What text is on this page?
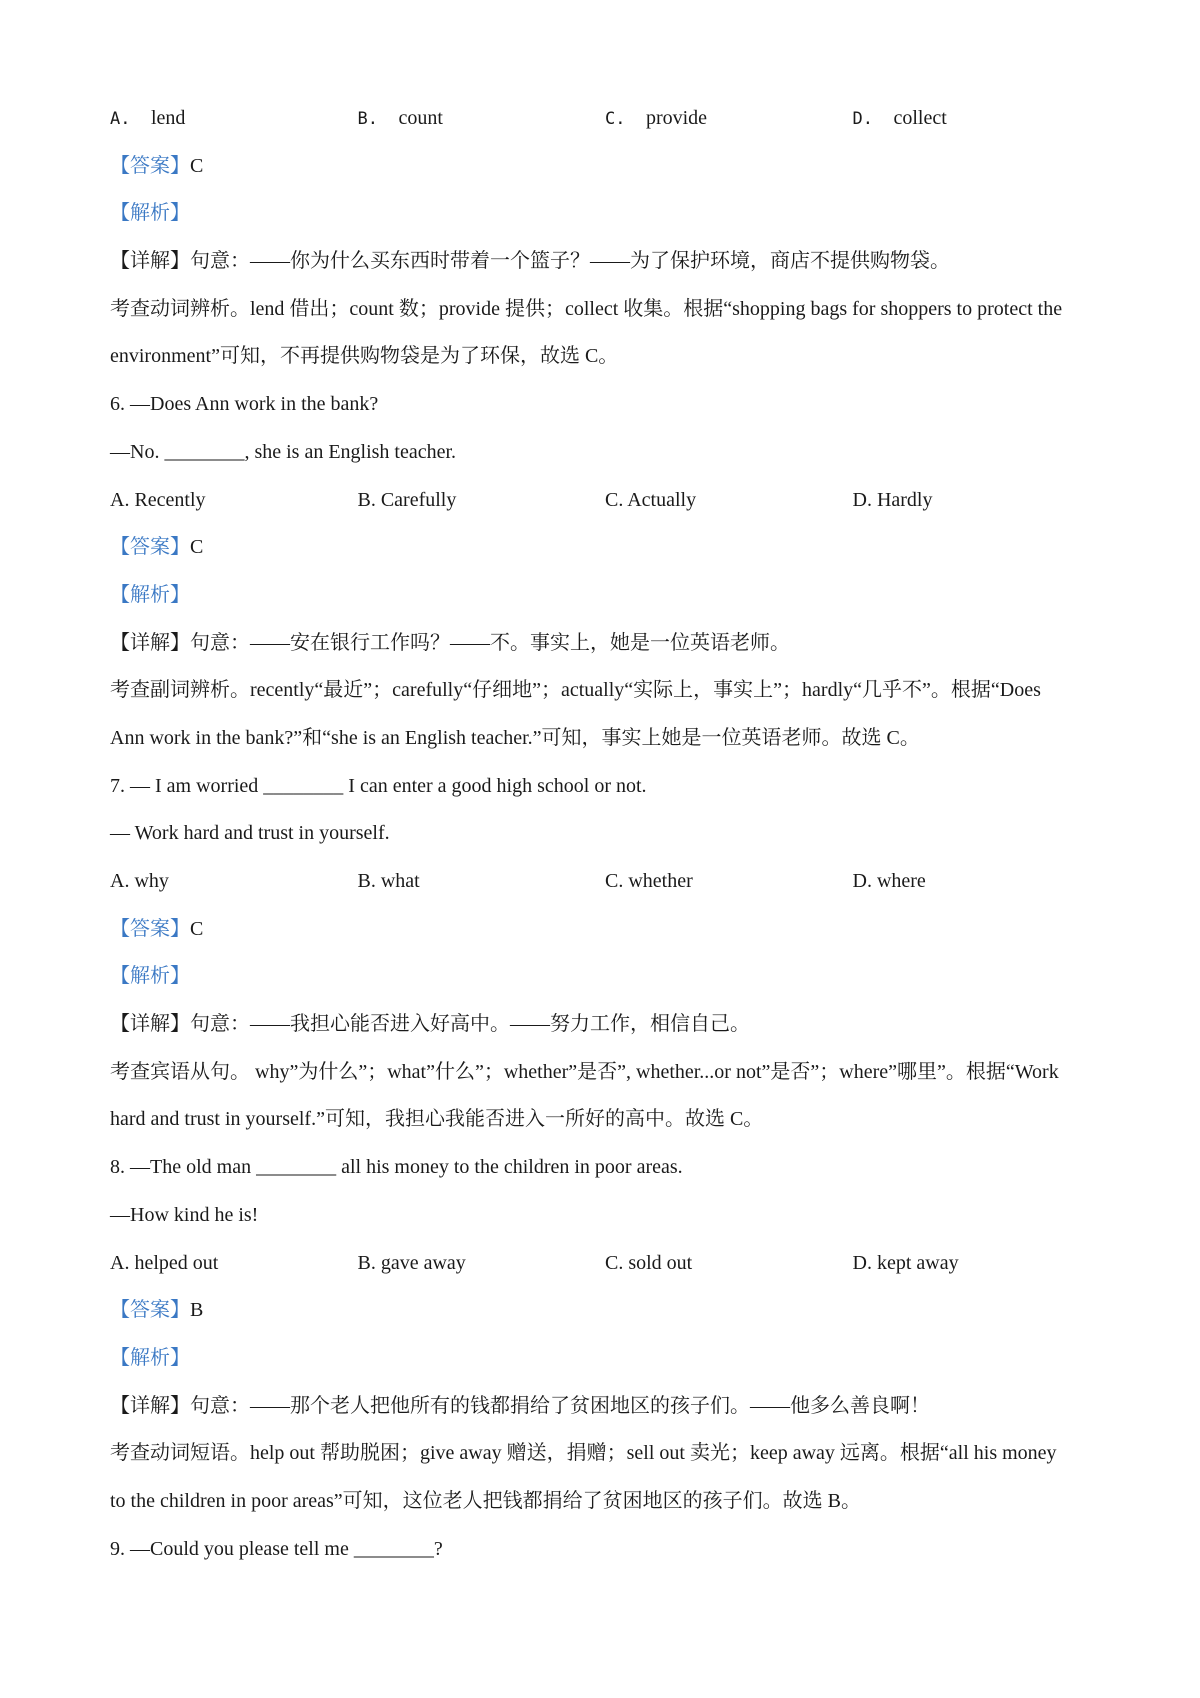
A. lend	B. count	C. provide	D. collect
【答案】C
【解析】
【详解】句意：——你为什么买东西时带着一个篮子？——为了保护环境，商店不提供购物袋。
考查动词辨析。lend 借出；count 数；provide 提供；collect 收集。根据“shopping bags for shoppers to protect the
environment”可知，不再提供购物袋是为了环保，故选 C。
6. —Does Ann work in the bank?
—No. ________, she is an English teacher.
A. Recently	B. Carefully	C. Actually	D. Hardly
【答案】C
【解析】
【详解】句意：——安在银行工作吗？——不。事实上，她是一位英语老师。
考查副词辨析。recently“最近”；carefully“仔细地”；actually“实际上，事实上”；hardly“几乎不”。根据“Does
Ann work in the bank?”和“she is an English teacher.”可知，事实上她是一位英语老师。故选 C。
7. — I am worried ________ I can enter a good high school or not.
— Work hard and trust in yourself.
A. why	B. what	C. whether	D. where
【答案】C
【解析】
【详解】句意：——我担心能否进入好高中。——努力工作，相信自己。
考查宾语从句。 why”为什么”；what”什么”；whether”是否”, whether...or not”是否”；where”哪里”。根据“Work
hard and trust in yourself.”可知，我担心我能否进入一所好的高中。故选 C。
8. —The old man ________ all his money to the children in poor areas.
—How kind he is!
A. helped out	B. gave away	C. sold out	D. kept away
【答案】B
【解析】
【详解】句意：——那个老人把他所有的钱都捐给了贫困地区的孩子们。——他多么善良啊！
考查动词短语。help out 帮助脱困；give away 赠送，捐赠；sell out 卖光；keep away 远离。根据“all his money
to the children in poor areas”可知，这位老人把钱都捐给了贫困地区的孩子们。故选 B。
9. —Could you please tell me ________?
